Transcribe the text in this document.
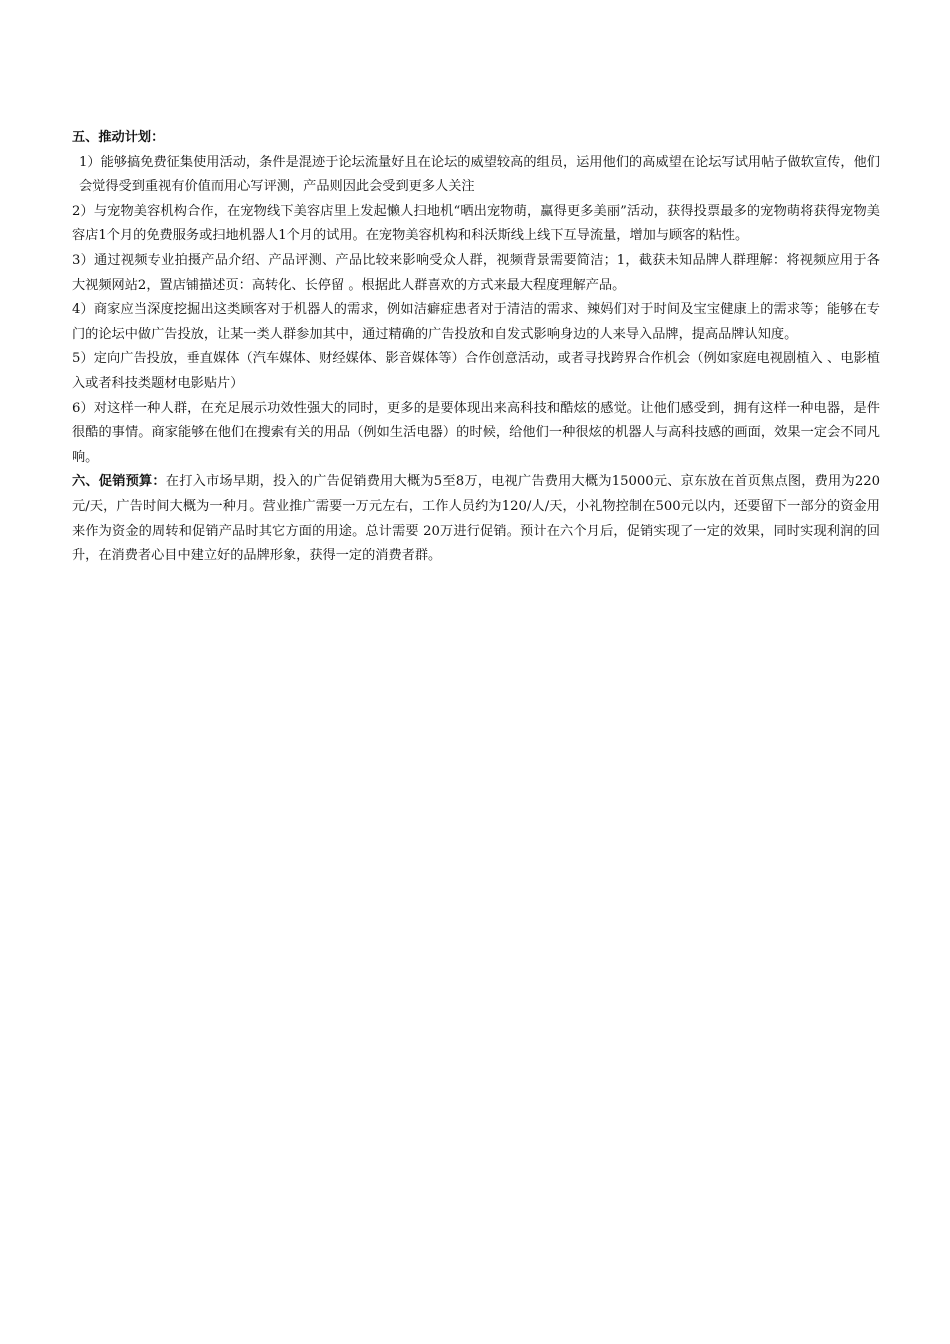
五、推动计划：

1）能够搞免费征集使用活动，条件是混迹于论坛流量好且在论坛的威望较高的组员，运用他们的高威望在论坛写试用帖子做软宣传，他们会觉得受到重视有价值而用心写评测，产品则因此会受到更多人关注

2）与宠物美容机构合作，在宠物线下美容店里上发起懒人扫地机“晒出宠物萌，赢得更多美丽”活动，获得投票最多的宠物萌将获得宠物美容店1个月的免费服务或扫地机器人1个月的试用。在宠物美容机构和科沃斯线上线下互导流量，增加与顾客的粘性。

3）通过视频专业拍摄产品介绍、产品评测、产品比较来影响受众人群，视频背景需要简洁；1，截获未知品牌人群理解：将视频应用于各大视频网站2，置店铺描述页：高转化、长停留 。根据此人群喜欢的方式来最大程度理解产品。

4）商家应当深度挖掘出这类顾客对于机器人的需求，例如洁癖症患者对于清洁的需求、辣妈们对于时间及宝宝健康上的需求等；能够在专门的论坛中做广告投放，让某一类人群参加其中，通过精确的广告投放和自发式影响身边的人来导入品牌，提高品牌认知度。

5）定向广告投放，垂直媒体（汽车媒体、财经媒体、影音媒体等）合作创意活动，或者寻找跨界合作机会（例如家庭电视剧植入 、电影植入或者科技类题材电影贴片）

6）对这样一种人群，在充足展示功效性强大的同时，更多的是要体现出来高科技和酷炫的感觉。让他们感受到，拥有这样一种电器，是件很酷的事情。商家能够在他们在搜索有关的用品（例如生活电器）的时候，给他们一种很炫的机器人与高科技感的画面，效果一定会不同凡响。

六、促销预算：在打入市场早期，投入的广告促销费用大概为5至8万，电视广告费用大概为15000元、京东放在首页焦点图，费用为220元/天，广告时间大概为一种月。营业推广需要一万元左右，工作人员约为120/人/天，小礼物控制在500元以内，还要留下一部分的资金用来作为资金的周转和促销产品时其它方面的用途。总计需要 20万进行促销。预计在六个月后，促销实现了一定的效果，同时实现利润的回升，在消费者心目中建立好的品牌形象，获得一定的消费者群。
